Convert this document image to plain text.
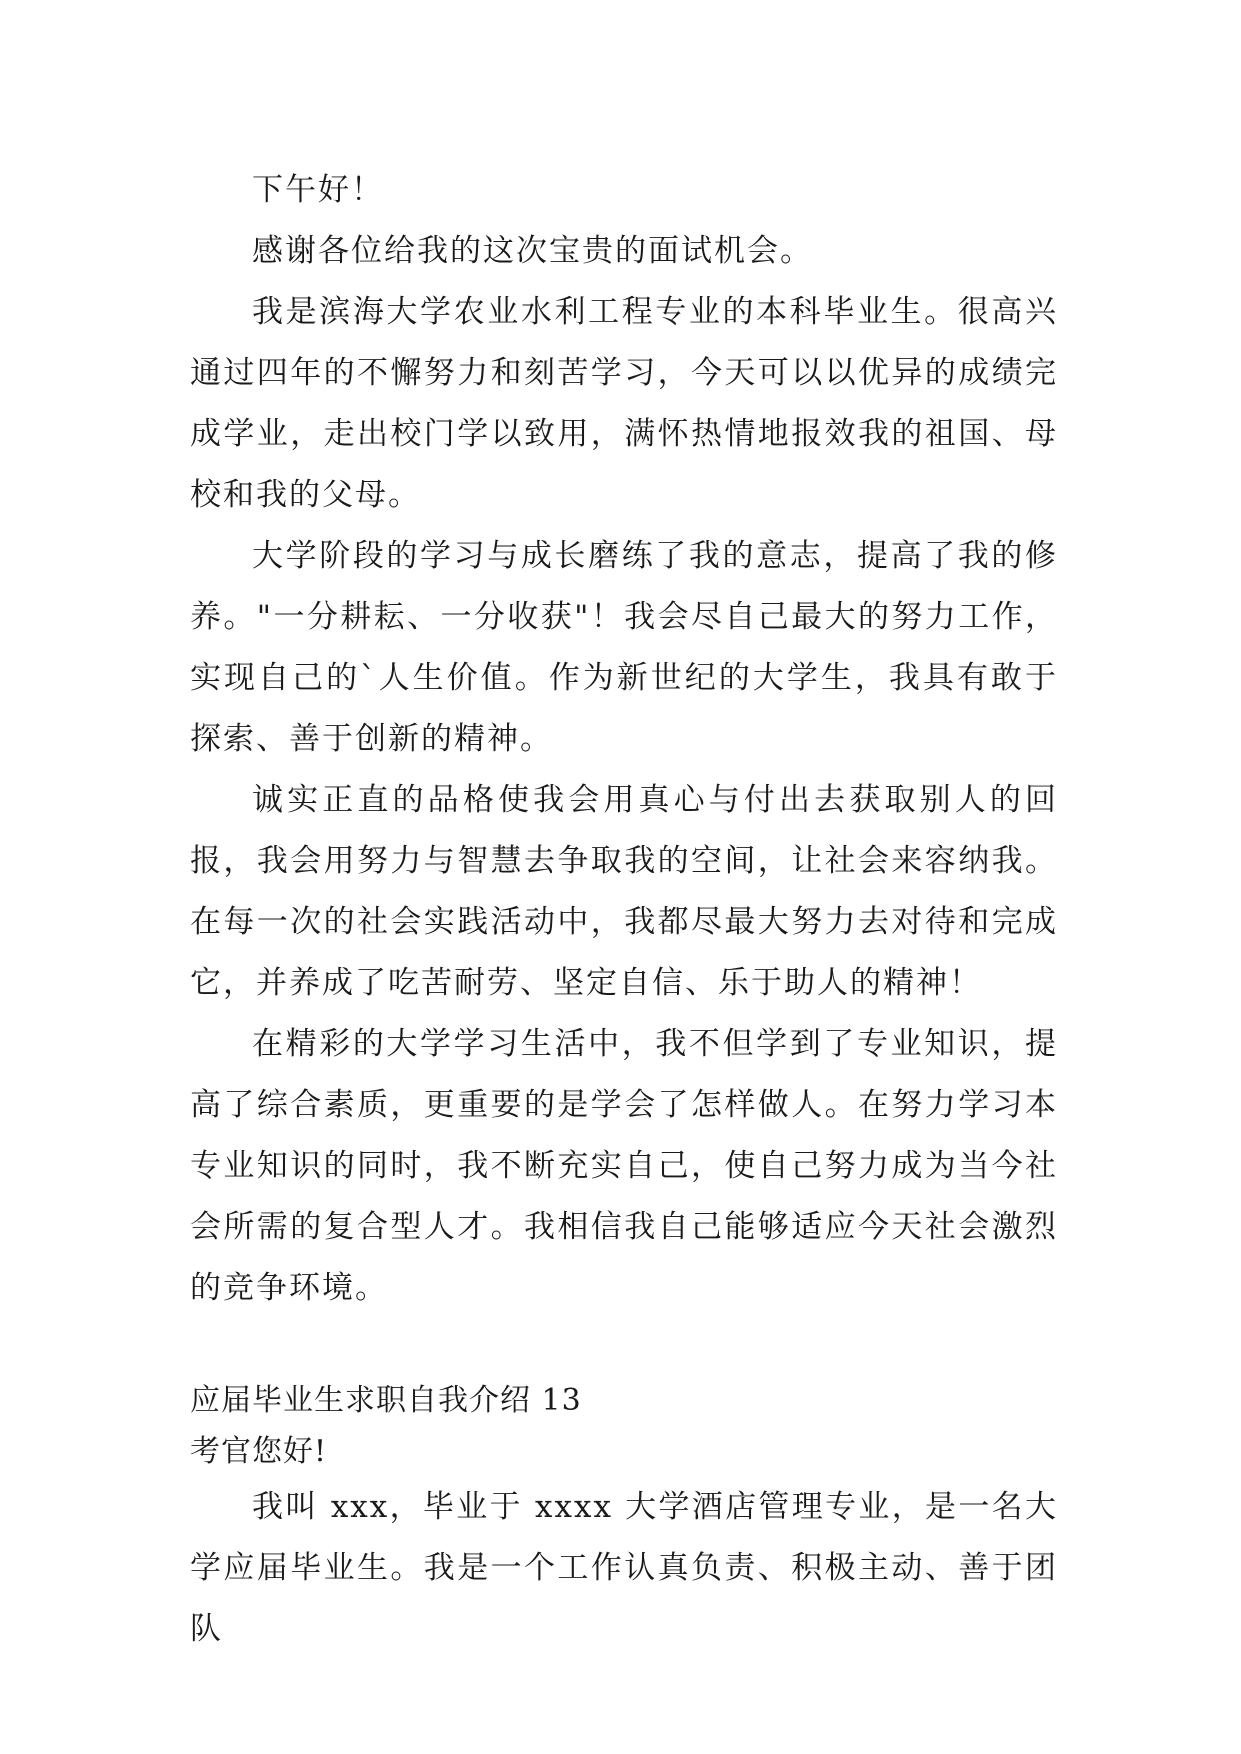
下午好！

感谢各位给我的这次宝贵的面试机会。

我是滨海大学农业水利工程专业的本科毕业生。很高兴通过四年的不懈努力和刻苦学习，今天可以以优异的成绩完成学业，走出校门学以致用，满怀热情地报效我的祖国、母校和我的父母。

大学阶段的学习与成长磨练了我的意志，提高了我的修养。"一分耕耘、一分收获"！我会尽自己最大的努力工作，实现自己的`人生价值。作为新世纪的大学生，我具有敢于探索、善于创新的精神。

诚实正直的品格使我会用真心与付出去获取别人的回报，我会用努力与智慧去争取我的空间，让社会来容纳我。在每一次的社会实践活动中，我都尽最大努力去对待和完成它，并养成了吃苦耐劳、坚定自信、乐于助人的精神！

在精彩的大学学习生活中，我不但学到了专业知识，提高了综合素质，更重要的是学会了怎样做人。在努力学习本专业知识的同时，我不断充实自己，使自己努力成为当今社会所需的复合型人才。我相信我自己能够适应今天社会激烈的竞争环境。

应届毕业生求职自我介绍 13

考官您好!

我叫 xxx，毕业于 xxxx 大学酒店管理专业，是一名大学应届毕业生。我是一个工作认真负责、积极主动、善于团队
